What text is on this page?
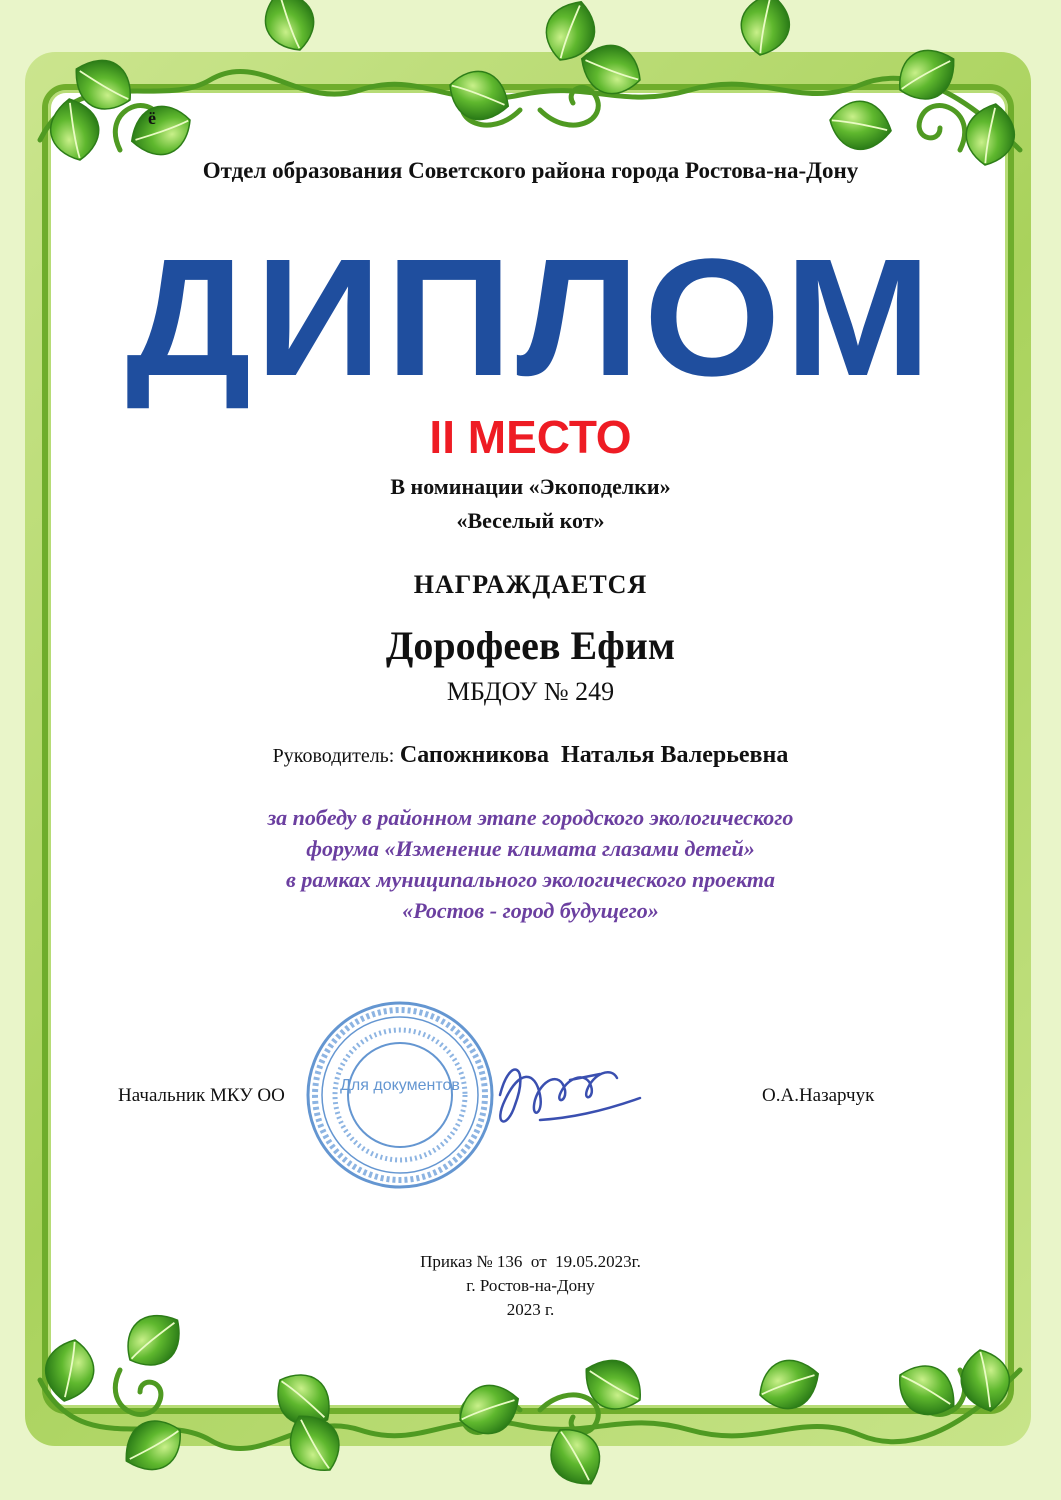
ё

Отдел образования Советского района города Ростова-на-Дону

ДИПЛОМ

II МЕСТО

В номинации «Экоподелки»

«Веселый кот»

НАГРАЖДАЕТСЯ

Дорофеев Ефим

МБДОУ № 249

Руководитель: Сапожникова  Наталья Валерьевна

за победу в районном этапе городского экологического
форума «Изменение климата глазами детей»
в рамках муниципального экологического проекта
«Ростов - город будущего»
Для документов
Начальник МКУ ОО	О.А.Назарчук
Приказ № 136  от  19.05.2023г.
г. Ростов-на-Дону
2023 г.
